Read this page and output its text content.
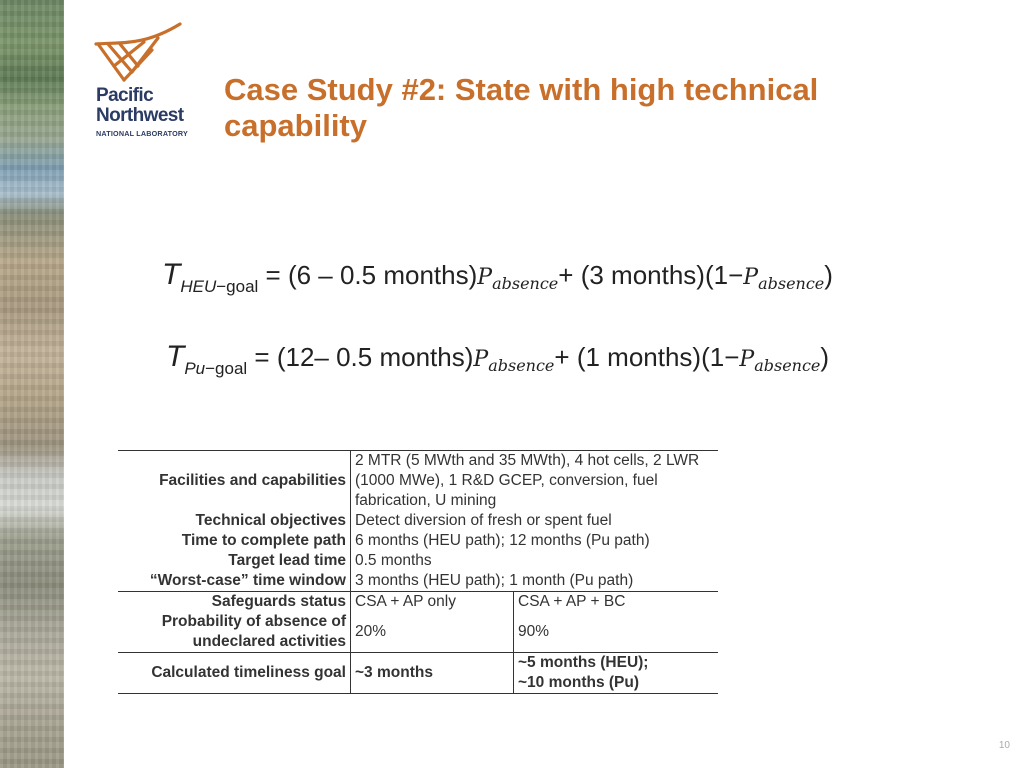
Pacific
Northwest
NATIONAL LABORATORY
Case Study #2: State with high technical capability
$T_{HEU-goal} = (6 - 0.5$ months)Pabsence+ (3 months)(1−Pabsence)
$T_{Pu-goal} = (12-$ 0.5 months)Pabsence+ (1 months)(1−Pabsence)
Facilities and capabilities	2 MTR (5 MWth and 35 MWth), 4 hot cells, 2 LWR (1000 MWe), 1 R&D GCEP, conversion, fuel fabrication, U mining	
Technical objectives	Detect diversion of fresh or spent fuel	
Time to complete path	6 months (HEU path); 12 months (Pu path)	
Target lead time	0.5 months	
“Worst-case” time window	3 months (HEU path); 1 month (Pu path)	
Safeguards status	CSA + AP only	CSA + AP + BC
Probability of absence of undeclared activities	20%	90%
Calculated timeliness goal	~3 months	~5 months (HEU);
~10 months (Pu)
10
